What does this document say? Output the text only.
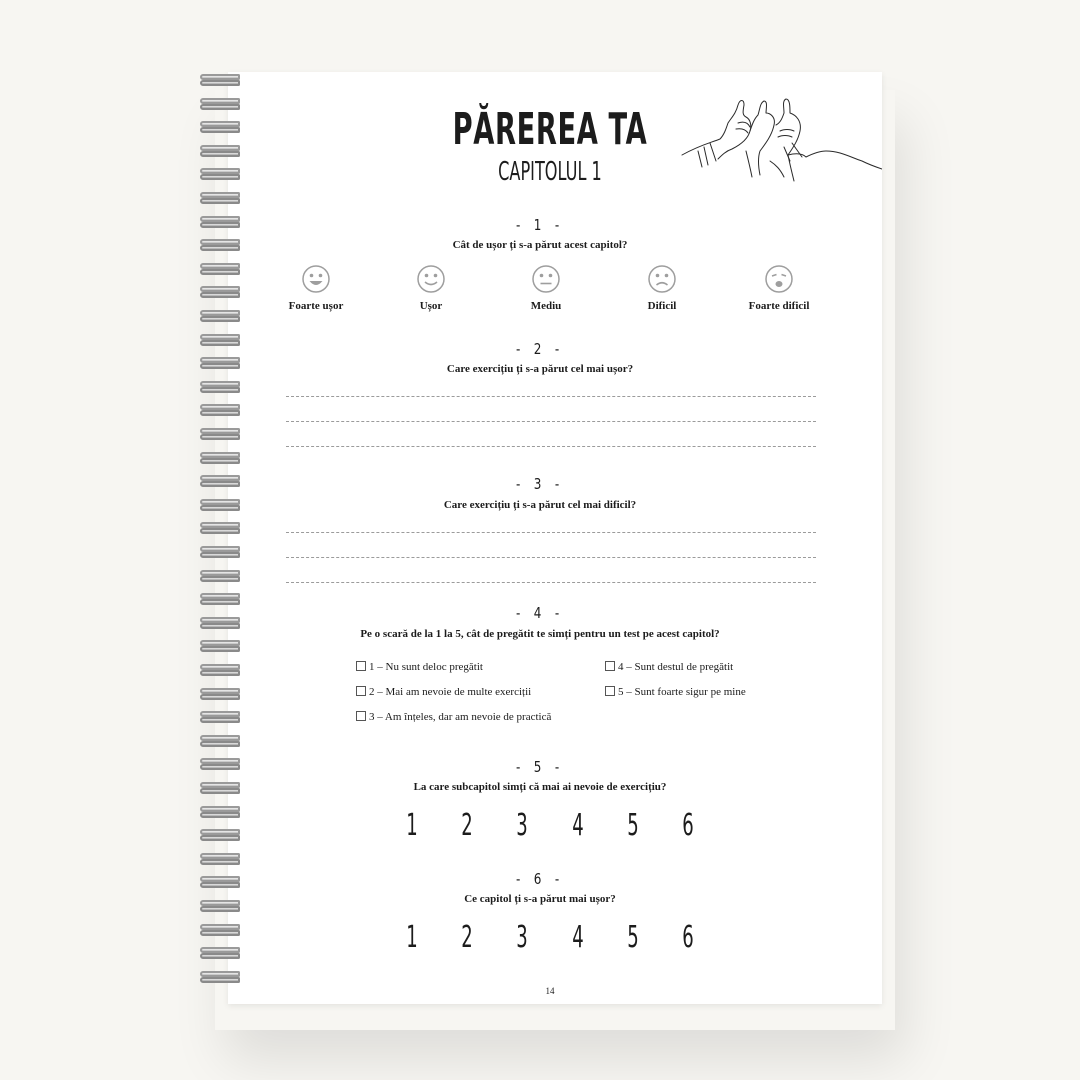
PĂREREA TA
CAPITOLUL 1
- 1 -
Cât de ușor ți s-a părut acest capitol?
Foarte ușor	Ușor	Mediu	Dificil	Foarte dificil
- 2 -
Care exercițiu ți s-a părut cel mai ușor?
- 3 -
Care exercițiu ți s-a părut cel mai dificil?
- 4 -
Pe o scară de la 1 la 5, cât de pregătit te simți pentru un test pe acest capitol?
1 – Nu sunt deloc pregătit
2 – Mai am nevoie de multe exerciții
3 – Am înțeles, dar am nevoie de practică
4 – Sunt destul de pregătit
5 – Sunt foarte sigur pe mine
- 5 -
La care subcapitol simți că mai ai nevoie de exercițiu?
1 2 3 4 5 6
- 6 -
Ce capitol ți s-a părut mai ușor?
1 2 3 4 5 6
14
